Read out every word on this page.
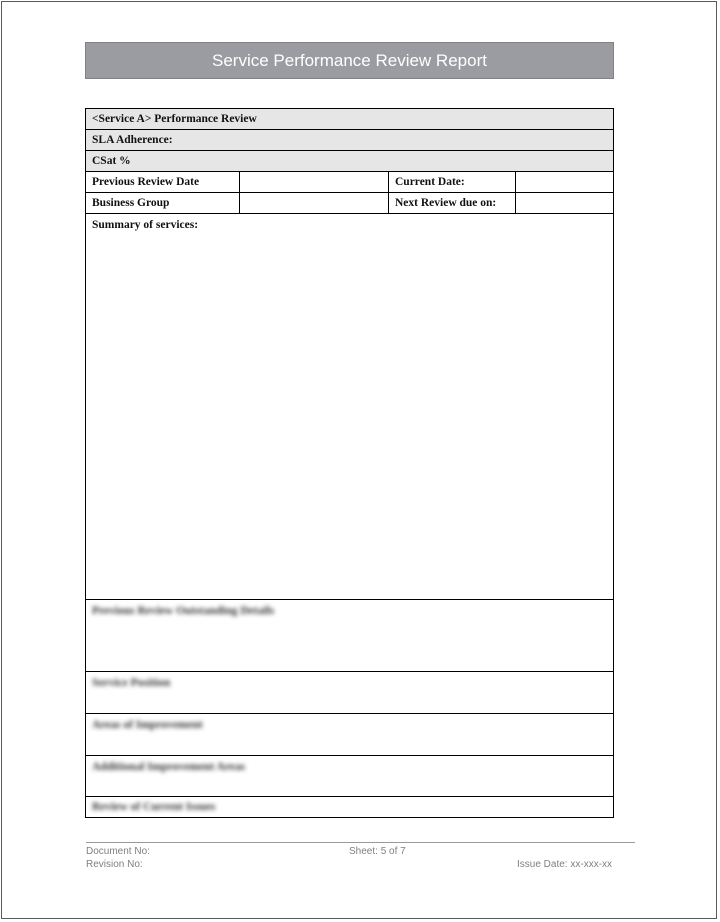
Service Performance Review Report
<Service A> Performance Review			
SLA Adherence:			
CSat %			
Previous Review Date		Current Date:	
Business Group		Next Review due on:	
Summary of services:			
Previous Review Outstanding Details			
Service Position			
Areas of Improvement			
Additional Improvement Areas			
Review of Current Issues			
Document No:
Revision No:
Sheet: 5 of 7
Issue Date: xx-xxx-xx
